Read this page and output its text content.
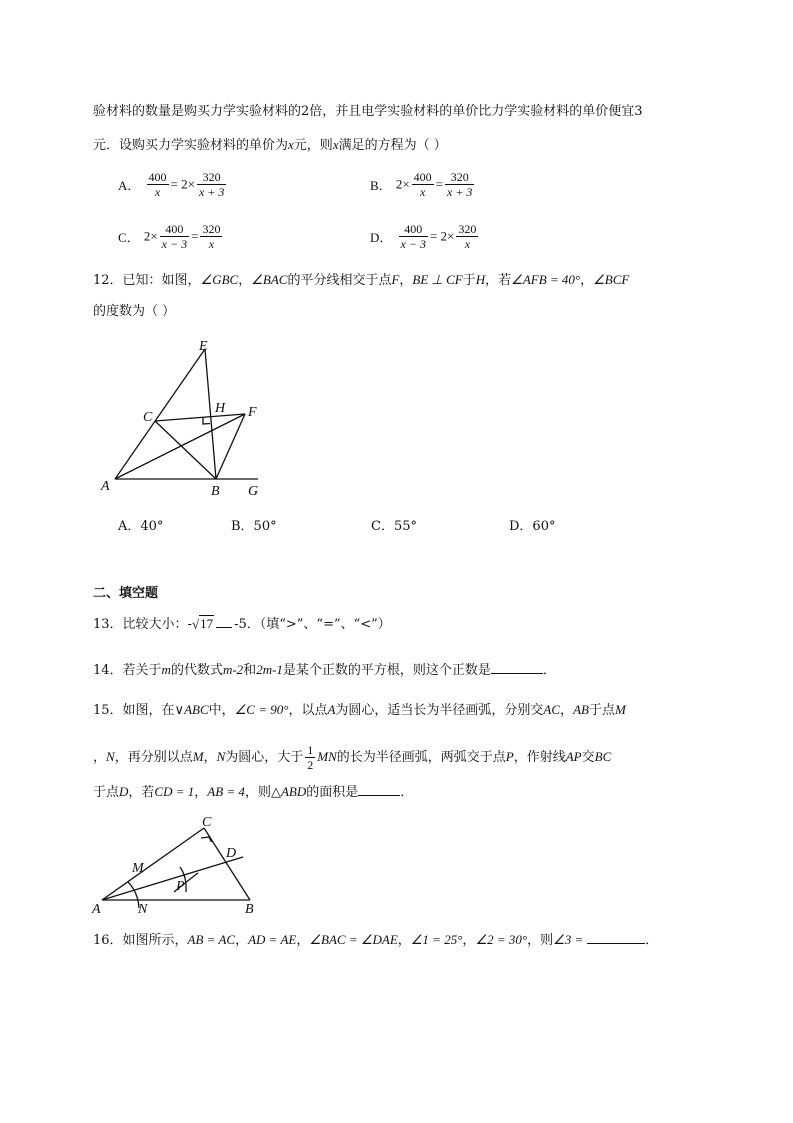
验材料的数量是购买力学实验材料的2倍，并且电学实验材料的单价比力学实验材料的单价便宜3
元．设购买力学实验材料的单价为x元，则x满足的方程为（ ）
A． $\frac{400}{x} = 2\times \frac{320}{x + 3}$	B． $2\times \frac{400}{x} = \frac{320}{x + 3}$
C． $2\times \frac{400}{x - 3} = \frac{320}{x}$	D． $\frac{400}{x - 3} = 2\times \frac{320}{x}$
12．已知：如图，∠GBC，∠BAC的平分线相交于点F，BE ⊥ CF于H，若∠AFB = 40°，∠BCF
的度数为（ ）
E
C
H F
A	B G
A．40°	B．50°	C．55°	D．60°
二、填空题
13．比较大小：-√17 -5．（填“>”、“=”、“<”）
14．若关于m的代数式m-2和2m-1是某个正数的平方根，则这个正数是	．
15．如图，在∨ABC中，∠C = 90°，以点A为圆心，适当长为半径画弧，分别交AC，AB于点M
，N，再分别以点M，N为圆心，大于 $\frac{1}{2}$ MN的长为半径画弧，两弧交于点P，作射线AP交BC
于点D，若CD = 1，AB = 4，则△ABD的面积是	．
C
M
D
P
A	N	B
16．如图所示，AB = AC，AD = AE，∠BAC = ∠DAE，∠1 = 25°，∠2 = 30°，则∠3 =	．
